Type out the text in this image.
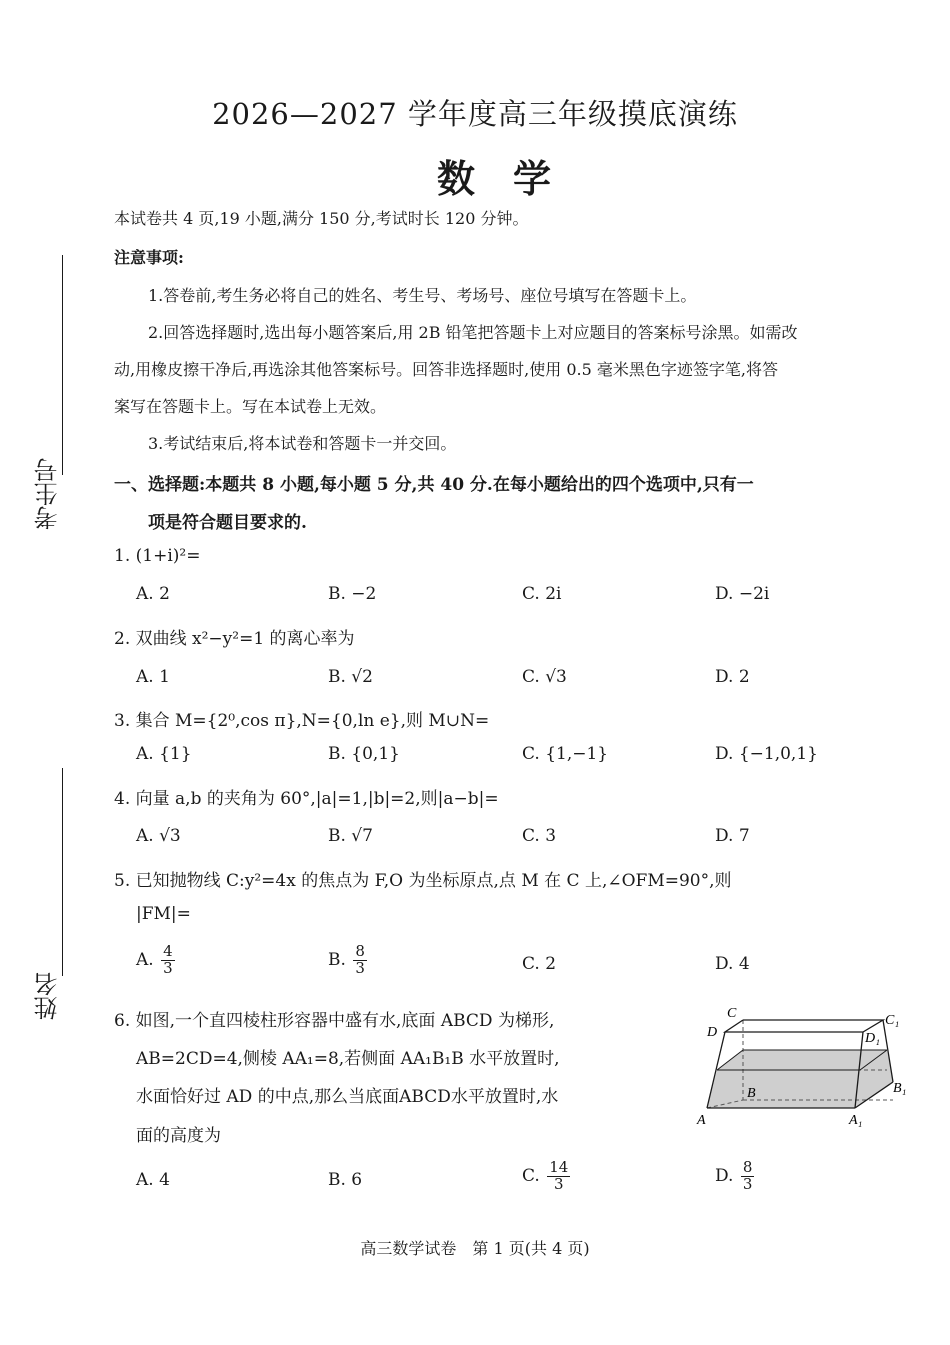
2026—2027 学年度高三年级摸底演练
数学
本试卷共 4 页,19 小题,满分 150 分,考试时长 120 分钟。
注意事项:
1.答卷前,考生务必将自己的姓名、考生号、考场号、座位号填写在答题卡上。
2.回答选择题时,选出每小题答案后,用 2B 铅笔把答题卡上对应题目的答案标号涂黑。如需改
动,用橡皮擦干净后,再选涂其他答案标号。回答非选择题时,使用 0.5 毫米黑色字迹签字笔,将答
案写在答题卡上。写在本试卷上无效。
3.考试结束后,将本试卷和答题卡一并交回。
一、选择题:本题共 8 小题,每小题 5 分,共 40 分.在每小题给出的四个选项中,只有一
项是符合题目要求的.
1. (1+i)²=
A. 2	B. −2	C. 2i	D. −2i
2. 双曲线 x²−y²=1 的离心率为
A. 1	B. √2	C. √3	D. 2
3. 集合 M={2⁰,cos π},N={0,ln e},则 M∪N=
A. {1}	B. {0,1}	C. {1,−1}	D. {−1,0,1}
4. 向量 a,b 的夹角为 60°,|a|=1,|b|=2,则|a−b|=
A. √3	B. √7	C. 3	D. 7
5. 已知抛物线 C:y²=4x 的焦点为 F,O 为坐标原点,点 M 在 C 上,∠OFM=90°,则
|FM|=
A. $\frac{4}{3}$	B. $\frac{8}{3}$	C. 2	D. 4
6. 如图,一个直四棱柱形容器中盛有水,底面 ABCD 为梯形,
AB=2CD=4,侧棱 AA₁=8,若侧面 AA₁B₁B 水平放置时,
水面恰好过 AD 的中点,那么当底面ABCD水平放置时,水
面的高度为
C	C₁
D	D₁
B	B₁
A	A₁
A. 4	B. 6	C. $\frac{14}{3}$	D. $\frac{8}{3}$
考生号
姓名
高三数学试卷　第 1 页(共 4 页)
